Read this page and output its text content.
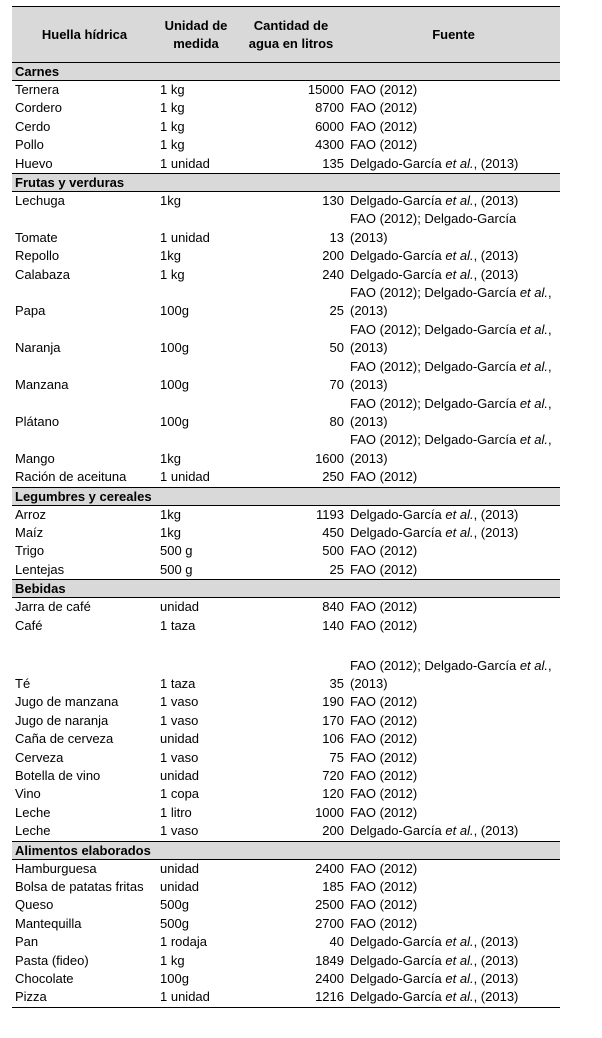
Huella hídrica	Unidad de medida	Cantidad de agua en litros	Fuente
Carnes			
Ternera	1 kg	15000	FAO (2012)
Cordero	1 kg	8700	FAO (2012)
Cerdo	1 kg	6000	FAO (2012)
Pollo	1 kg	4300	FAO (2012)
Huevo	1 unidad	135	Delgado-García et al., (2013)
Frutas y verduras			
Lechuga	1kg	130	Delgado-García et al., (2013)
Tomate	1 unidad	13	FAO (2012); Delgado-García (2013)
Repollo	1kg	200	Delgado-García et al., (2013)
Calabaza	1 kg	240	Delgado-García et al., (2013)
Papa	100g	25	FAO (2012); Delgado-García et al., (2013)
Naranja	100g	50	FAO (2012); Delgado-García et al., (2013)
Manzana	100g	70	FAO (2012); Delgado-García et al., (2013)
Plátano	100g	80	FAO (2012); Delgado-García et al., (2013)
Mango	1kg	1600	FAO (2012); Delgado-García et al., (2013)
Ración de aceituna	1 unidad	250	FAO (2012)
Legumbres y cereales			
Arroz	1kg	1193	Delgado-García et al., (2013)
Maíz	1kg	450	Delgado-García et al., (2013)
Trigo	500 g	500	FAO (2012)
Lentejas	500 g	25	FAO (2012)
Bebidas			
Jarra de café	unidad	840	FAO (2012)
Café	1 taza	140	FAO (2012)
Té	1 taza	35	FAO (2012); Delgado-García et al., (2013)
Jugo de manzana	1 vaso	190	FAO (2012)
Jugo de naranja	1 vaso	170	FAO (2012)
Caña de cerveza	unidad	106	FAO (2012)
Cerveza	1 vaso	75	FAO (2012)
Botella de vino	unidad	720	FAO (2012)
Vino	1 copa	120	FAO (2012)
Leche	1 litro	1000	FAO (2012)
Leche	1 vaso	200	Delgado-García et al., (2013)
Alimentos elaborados			
Hamburguesa	unidad	2400	FAO (2012)
Bolsa de patatas fritas	unidad	185	FAO (2012)
Queso	500g	2500	FAO (2012)
Mantequilla	500g	2700	FAO (2012)
Pan	1 rodaja	40	Delgado-García et al., (2013)
Pasta (fideo)	1 kg	1849	Delgado-García et al., (2013)
Chocolate	100g	2400	Delgado-García et al., (2013)
Pizza	1 unidad	1216	Delgado-García et al., (2013)
